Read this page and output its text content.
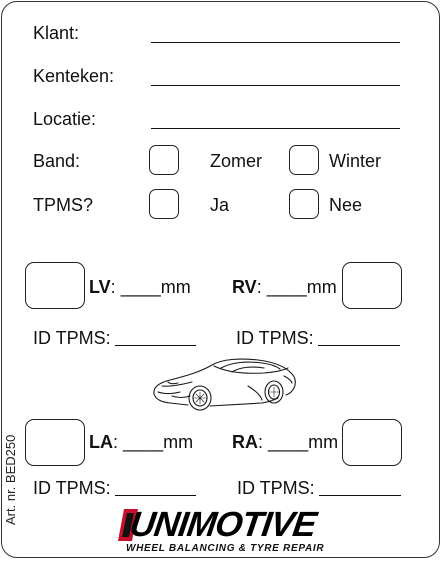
Klant:
Kenteken:
Locatie:
Band:	Zomer	Winter
TPMS?	Ja	Nee
LV: ____mm RV: ____mm
ID TPMS:	ID TPMS:
LA: ____mm RA: ____mm
ID TPMS:	ID TPMS:
Art. nr. BED250	UNIMOTIVE
WHEEL BALANCING & TYRE REPAIR
